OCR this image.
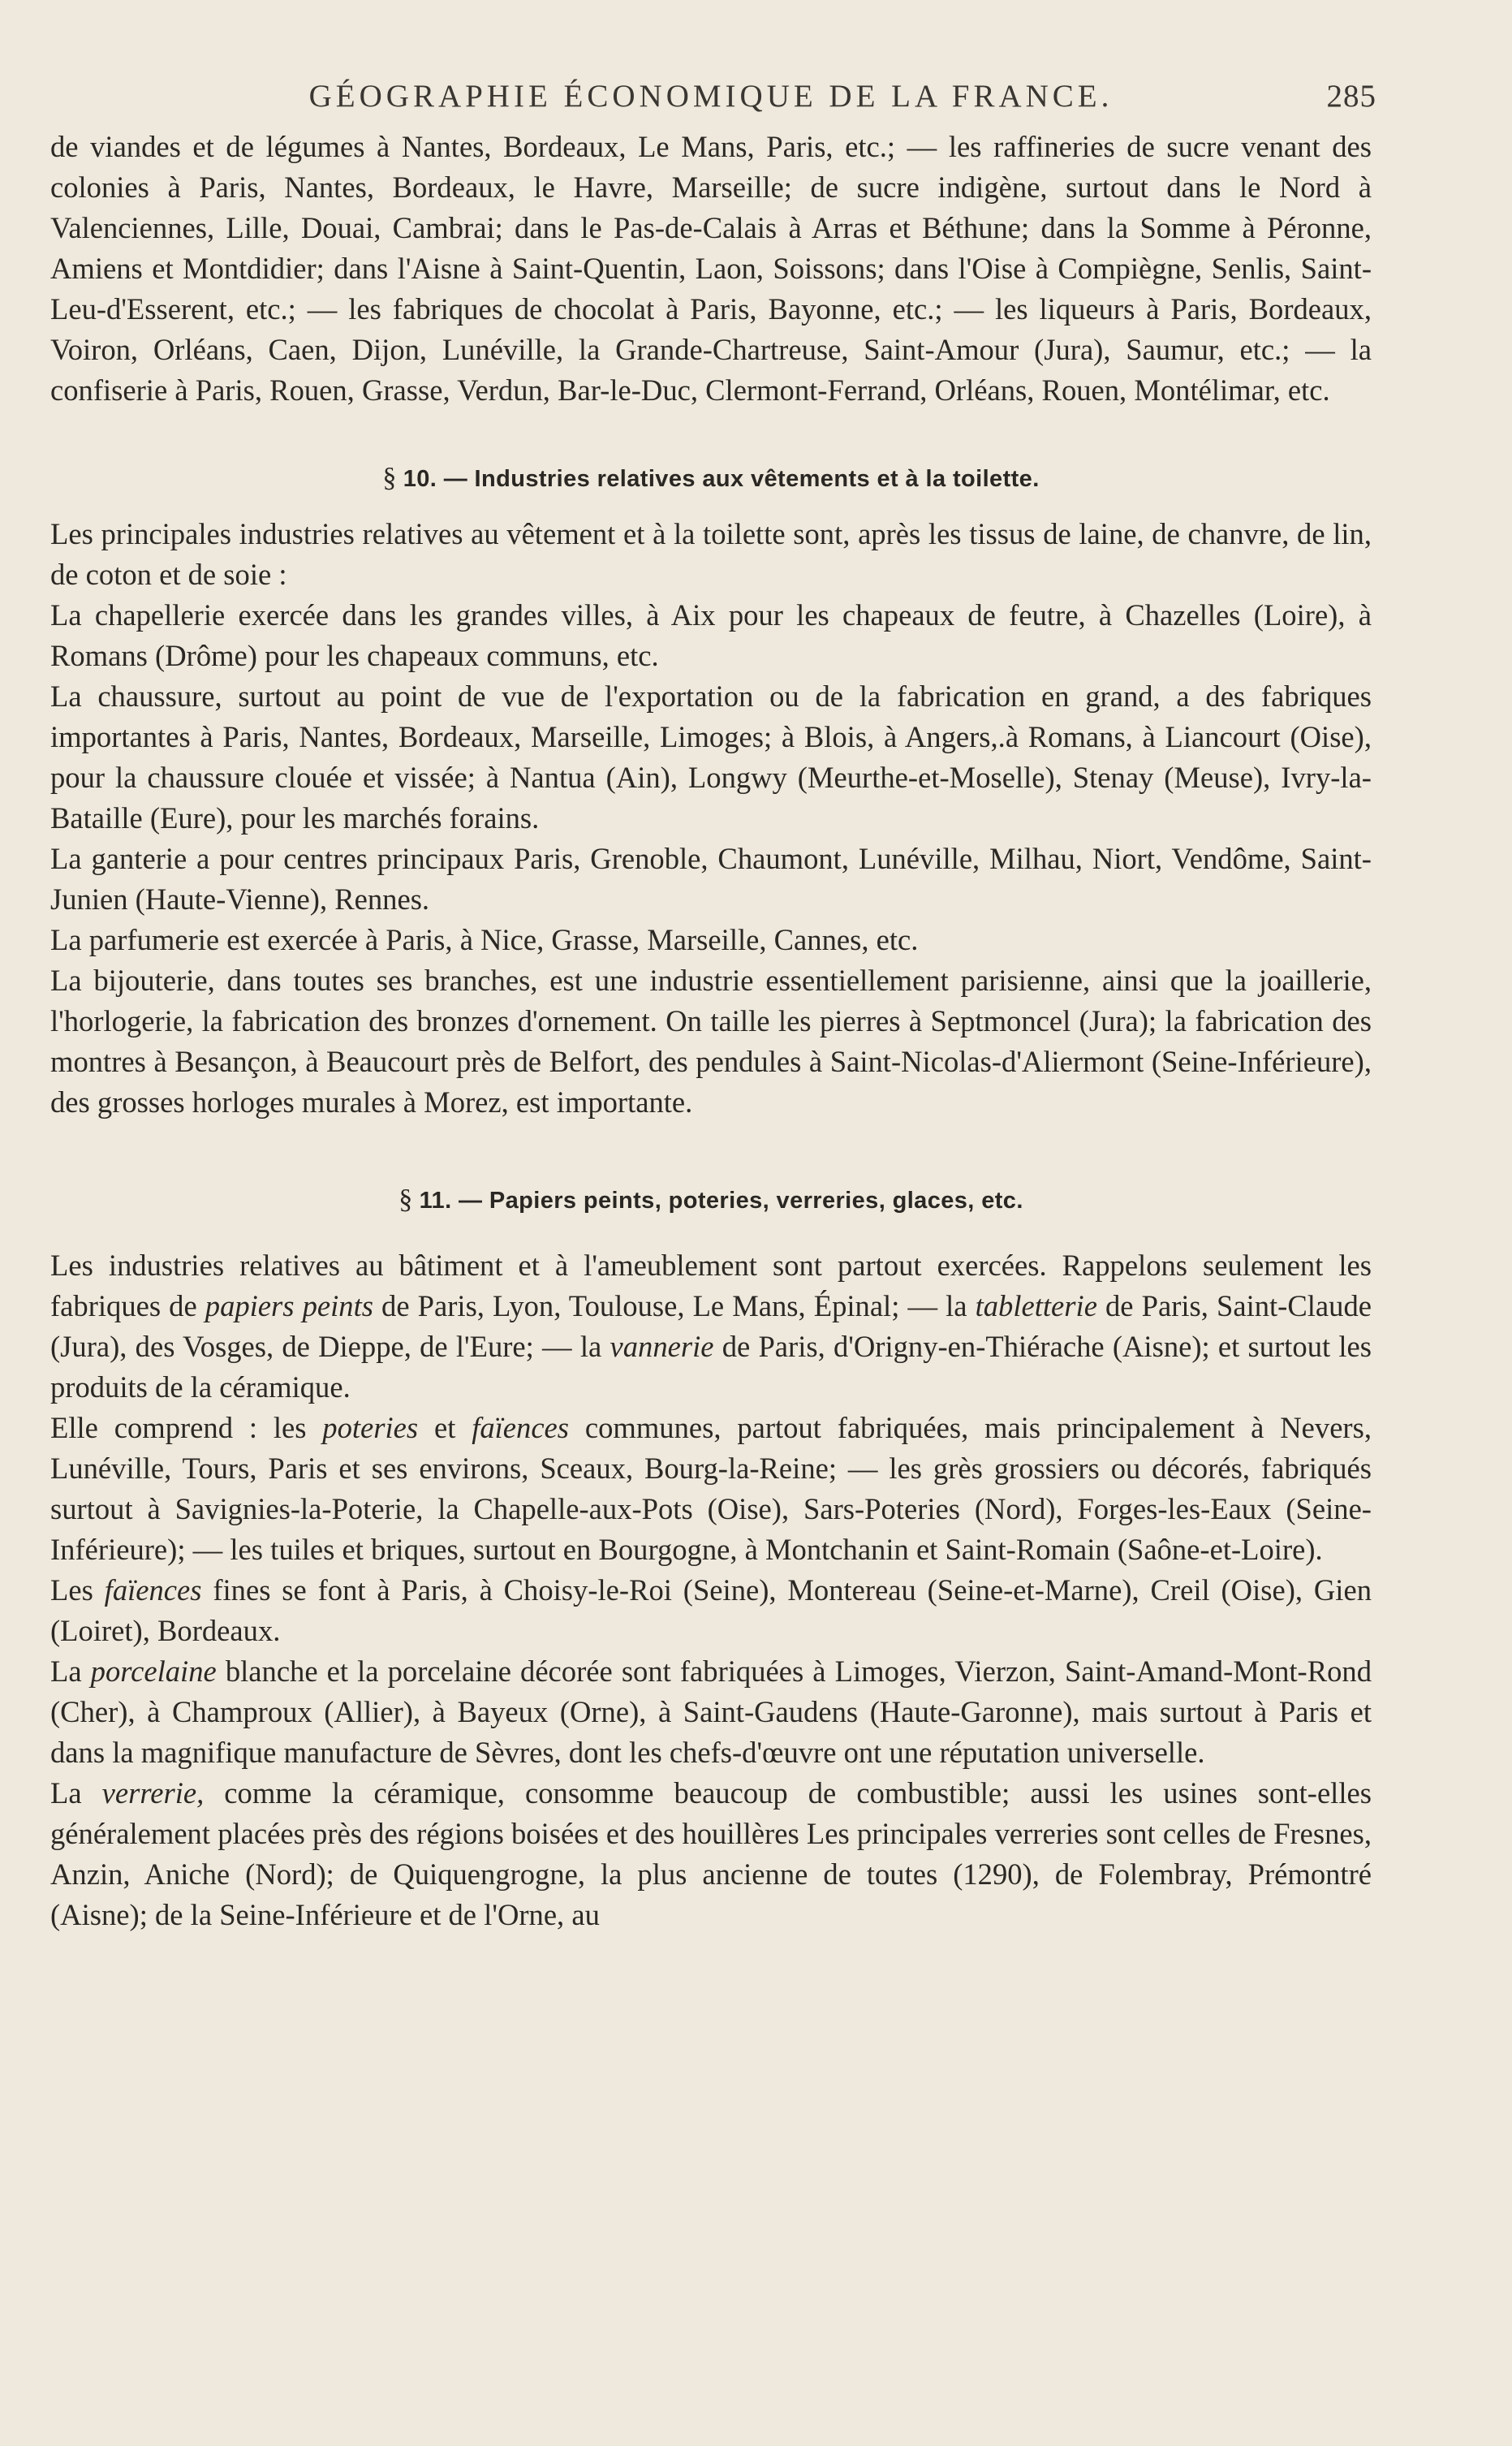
GÉOGRAPHIE ÉCONOMIQUE DE LA FRANCE.	285

de viandes et de légumes à Nantes, Bordeaux, Le Mans, Paris, etc.; — les raffineries de sucre venant des colonies à Paris, Nantes, Bordeaux, le Havre, Marseille; de sucre indigène, surtout dans le Nord à Valenciennes, Lille, Douai, Cambrai; dans le Pas-de-Calais à Arras et Béthune; dans la Somme à Péronne, Amiens et Montdidier; dans l'Aisne à Saint-Quentin, Laon, Soissons; dans l'Oise à Compiègne, Senlis, Saint-Leu-d'Esserent, etc.; — les fabriques de chocolat à Paris, Bayonne, etc.; — les liqueurs à Paris, Bordeaux, Voiron, Orléans, Caen, Dijon, Lunéville, la Grande-Chartreuse, Saint-Amour (Jura), Saumur, etc.; — la confiserie à Paris, Rouen, Grasse, Verdun, Bar-le-Duc, Clermont-Ferrand, Orléans, Rouen, Montélimar, etc.

§ 10. — Industries relatives aux vêtements et à la toilette.

Les principales industries relatives au vêtement et à la toilette sont, après les tissus de laine, de chanvre, de lin, de coton et de soie :

La chapellerie exercée dans les grandes villes, à Aix pour les chapeaux de feutre, à Chazelles (Loire), à Romans (Drôme) pour les chapeaux communs, etc.

La chaussure, surtout au point de vue de l'exportation ou de la fabrication en grand, a des fabriques importantes à Paris, Nantes, Bordeaux, Marseille, Limoges; à Blois, à Angers,.à Romans, à Liancourt (Oise), pour la chaussure clouée et vissée; à Nantua (Ain), Longwy (Meurthe-et-Moselle), Stenay (Meuse), Ivry-la-Bataille (Eure), pour les marchés forains.

La ganterie a pour centres principaux Paris, Grenoble, Chaumont, Lunéville, Milhau, Niort, Vendôme, Saint-Junien (Haute-Vienne), Rennes.

La parfumerie est exercée à Paris, à Nice, Grasse, Marseille, Cannes, etc.

La bijouterie, dans toutes ses branches, est une industrie essentiellement parisienne, ainsi que la joaillerie, l'horlogerie, la fabrication des bronzes d'ornement. On taille les pierres à Septmoncel (Jura); la fabrication des montres à Besançon, à Beaucourt près de Belfort, des pendules à Saint-Nicolas-d'Aliermont (Seine-Inférieure), des grosses horloges murales à Morez, est importante.

§ 11. — Papiers peints, poteries, verreries, glaces, etc.

Les industries relatives au bâtiment et à l'ameublement sont partout exercées. Rappelons seulement les fabriques de papiers peints de Paris, Lyon, Toulouse, Le Mans, Épinal; — la tabletterie de Paris, Saint-Claude (Jura), des Vosges, de Dieppe, de l'Eure; — la vannerie de Paris, d'Origny-en-Thiérache (Aisne); et surtout les produits de la céramique.

Elle comprend : les poteries et faïences communes, partout fabriquées, mais principalement à Nevers, Lunéville, Tours, Paris et ses environs, Sceaux, Bourg-la-Reine; — les grès grossiers ou décorés, fabriqués surtout à Savignies-la-Poterie, la Chapelle-aux-Pots (Oise), Sars-Poteries (Nord), Forges-les-Eaux (Seine-Inférieure); — les tuiles et briques, surtout en Bourgogne, à Montchanin et Saint-Romain (Saône-et-Loire).

Les faïences fines se font à Paris, à Choisy-le-Roi (Seine), Montereau (Seine-et-Marne), Creil (Oise), Gien (Loiret), Bordeaux.

La porcelaine blanche et la porcelaine décorée sont fabriquées à Limoges, Vierzon, Saint-Amand-Mont-Rond (Cher), à Champroux (Allier), à Bayeux (Orne), à Saint-Gaudens (Haute-Garonne), mais surtout à Paris et dans la magnifique manufacture de Sèvres, dont les chefs-d'œuvre ont une réputation universelle.

La verrerie, comme la céramique, consomme beaucoup de combustible; aussi les usines sont-elles généralement placées près des régions boisées et des houillères Les principales verreries sont celles de Fresnes, Anzin, Aniche (Nord); de Quiquengrogne, la plus ancienne de toutes (1290), de Folembray, Prémontré (Aisne); de la Seine-Inférieure et de l'Orne, au
